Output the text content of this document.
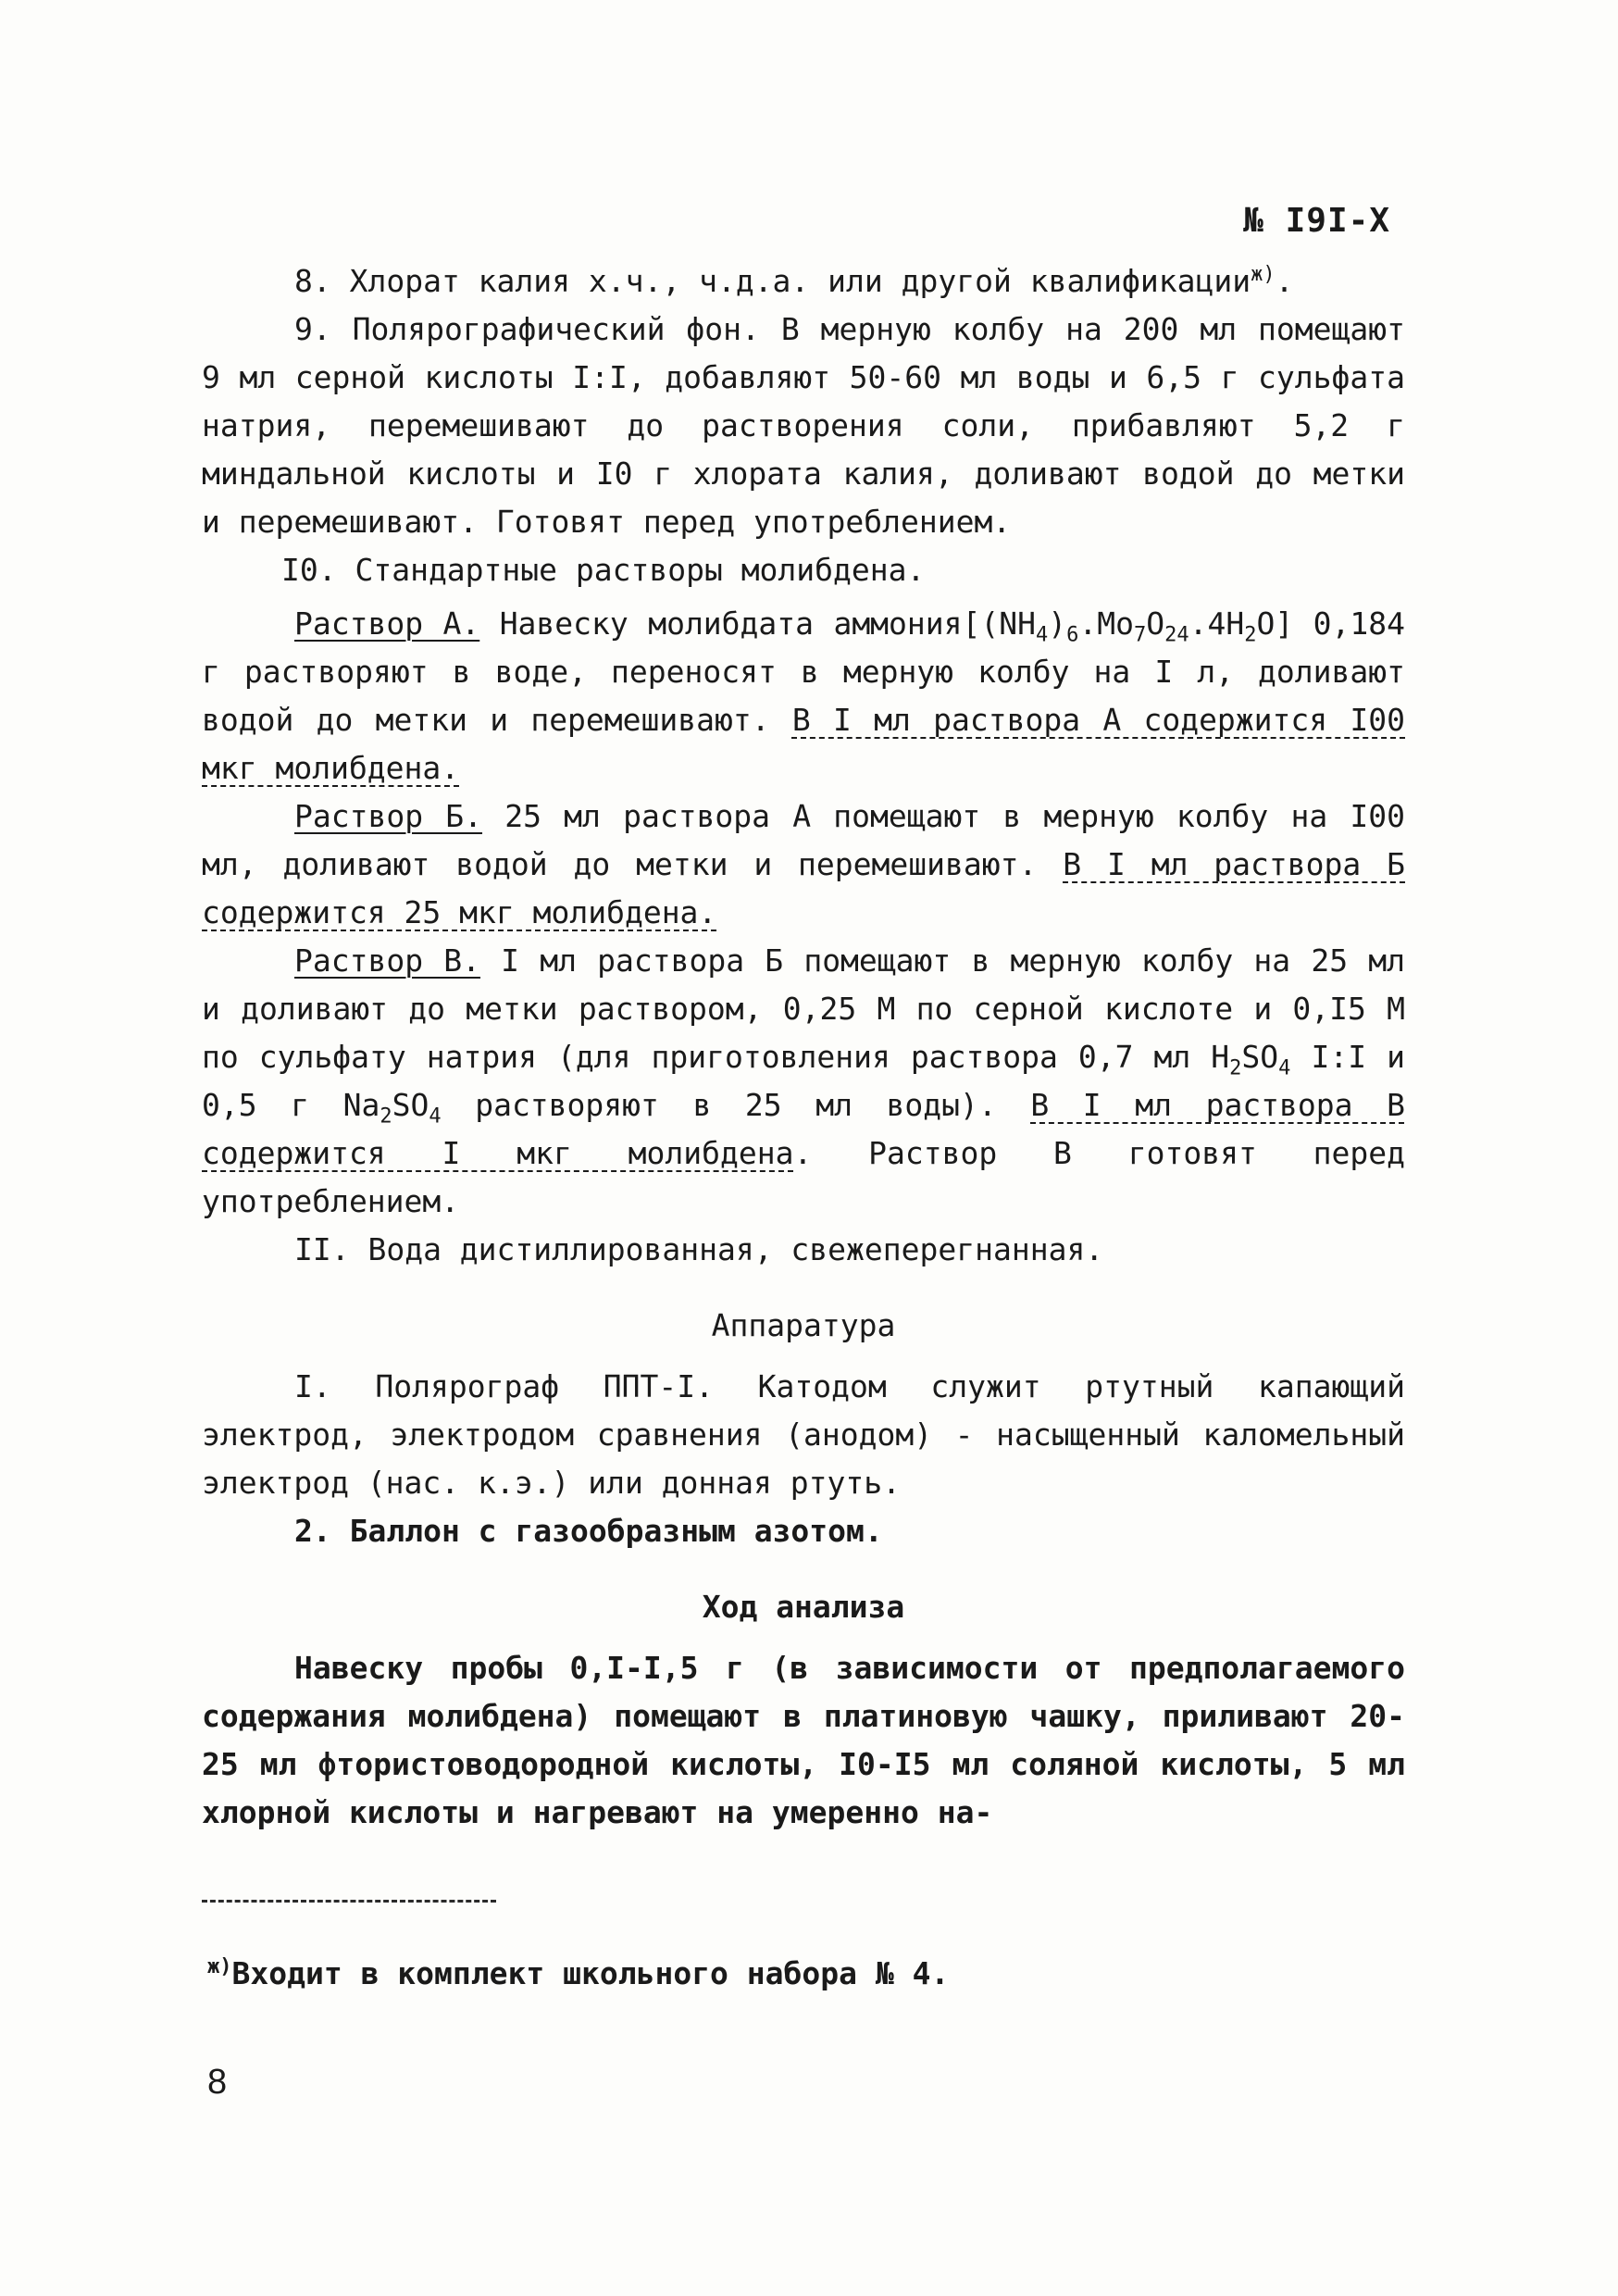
№ I9I-X

8. Хлорат калия х.ч., ч.д.а. или другой квалификации$^{ж)}$.

9. Полярографический фон. В мерную колбу на 200 мл помещают 9 мл серной кислоты I:I, добавляют 50-60 мл воды и 6,5 г сульфата натрия, перемешивают до растворения соли, прибавляют 5,2 г миндальной кислоты и I0 г хлората калия, доливают водой до метки и перемешивают. Готовят перед употреблением.

I0. Стандартные растворы молибдена.

Раствор А. Навеску молибдата $аммония[(NH_4)_6.Mo_7O_{24}.4H_2O]$ 0,184 г растворяют в воде, переносят в мерную колбу на I л, доливают водой до метки и перемешивают. В I мл раствора А содержится I00 мкг молибдена.

Раствор Б. 25 мл раствора А помещают в мерную колбу на I00 мл, доливают водой до метки и перемешивают. В I мл раствора Б содержится 25 мкг молибдена.

Раствор В. I мл раствора Б помещают в мерную колбу на 25 мл и доливают до метки раствором, 0,25 М по серной кислоте и 0,I5 М по сульфату натрия (для приготовления раствора 0,7 мл $H_2SO_4$ I:I и 0,5 г $Na_2SO_4$ растворяют в 25 мл воды). В I мл раствора В содержится I мкг молибдена. Раствор В готовят перед употреблением.

II. Вода дистиллированная, свежеперегнанная.

Аппаратура

I. Полярограф ППТ-I. Катодом служит ртутный капающий электрод, электродом сравнения (анодом) - насыщенный каломельный электрод (нас. к.э.) или донная ртуть.

2. Баллон с газообразным азотом.

Ход анализа

Навеску пробы 0,I-I,5 г (в зависимости от предполагаемого содержания молибдена) помещают в платиновую чашку, приливают 20-25 мл фтористоводородной кислоты, I0-I5 мл соляной кислоты, 5 мл хлорной кислоты и нагревают на умеренно на-

$^{ж)}$Входит в комплект школьного набора № 4.
8
